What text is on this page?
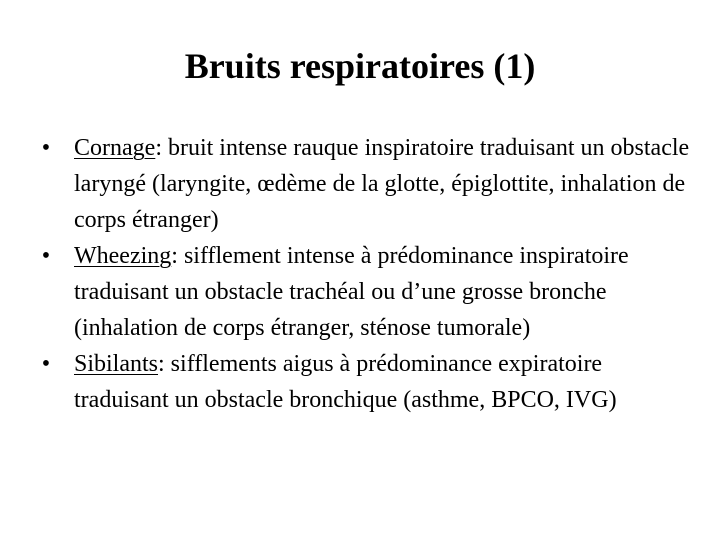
Bruits respiratoires (1)
• Cornage: bruit intense rauque inspiratoire traduisant un obstacle laryngé (laryngite, œdème de la glotte, épiglottite, inhalation de corps étranger)
• Wheezing: sifflement intense à prédominance inspiratoire traduisant un obstacle trachéal ou d’une grosse bronche (inhalation de corps étranger, sténose tumorale)
• Sibilants: sifflements aigus à prédominance expiratoire traduisant un obstacle bronchique (asthme, BPCO, IVG)
